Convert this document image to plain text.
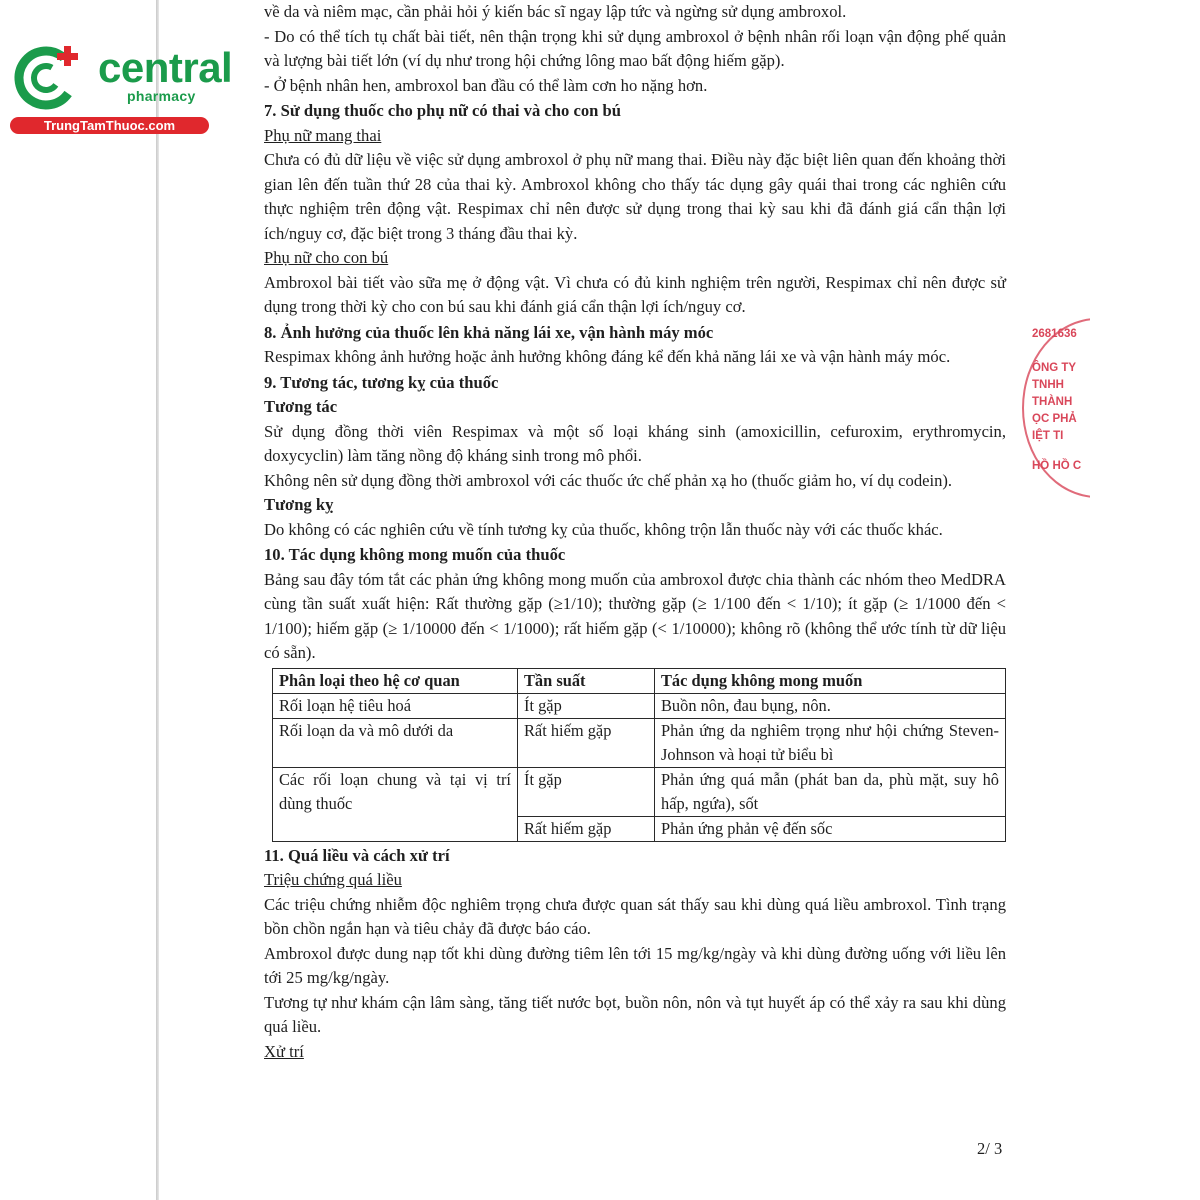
central
pharmacy
TrungTamThuoc.com

về da và niêm mạc, cần phải hỏi ý kiến bác sĩ ngay lập tức và ngừng sử dụng ambroxol.

- Do có thể tích tụ chất bài tiết, nên thận trọng khi sử dụng ambroxol ở bệnh nhân rối loạn vận động phế quản và lượng bài tiết lớn (ví dụ như trong hội chứng lông mao bất động hiếm gặp).

- Ở bệnh nhân hen, ambroxol ban đầu có thể làm cơn ho nặng hơn.

7. Sử dụng thuốc cho phụ nữ có thai và cho con bú

Phụ nữ mang thai

Chưa có đủ dữ liệu về việc sử dụng ambroxol ở phụ nữ mang thai. Điều này đặc biệt liên quan đến khoảng thời gian lên đến tuần thứ 28 của thai kỳ. Ambroxol không cho thấy tác dụng gây quái thai trong các nghiên cứu thực nghiệm trên động vật. Respimax chỉ nên được sử dụng trong thai kỳ sau khi đã đánh giá cẩn thận lợi ích/nguy cơ, đặc biệt trong 3 tháng đầu thai kỳ.

Phụ nữ cho con bú

Ambroxol bài tiết vào sữa mẹ ở động vật. Vì chưa có đủ kinh nghiệm trên người, Respimax chỉ nên được sử dụng trong thời kỳ cho con bú sau khi đánh giá cẩn thận lợi ích/nguy cơ.

8. Ảnh hưởng của thuốc lên khả năng lái xe, vận hành máy móc

Respimax không ảnh hưởng hoặc ảnh hưởng không đáng kể đến khả năng lái xe và vận hành máy móc.

9. Tương tác, tương kỵ của thuốc

Tương tác

Sử dụng đồng thời viên Respimax và một số loại kháng sinh (amoxicillin, cefuroxim, erythromycin, doxycyclin) làm tăng nồng độ kháng sinh trong mô phổi.

Không nên sử dụng đồng thời ambroxol với các thuốc ức chế phản xạ ho (thuốc giảm ho, ví dụ codein).

Tương kỵ

Do không có các nghiên cứu về tính tương kỵ của thuốc, không trộn lẫn thuốc này với các thuốc khác.

10. Tác dụng không mong muốn của thuốc

Bảng sau đây tóm tắt các phản ứng không mong muốn của ambroxol được chia thành các nhóm theo MedDRA cùng tần suất xuất hiện: Rất thường gặp (≥1/10); thường gặp (≥ 1/100 đến < 1/10); ít gặp (≥ 1/1000 đến < 1/100); hiếm gặp (≥ 1/10000 đến < 1/1000); rất hiếm gặp (< 1/10000); không rõ (không thể ước tính từ dữ liệu có sẵn).

Phân loại theo hệ cơ quan	Tần suất	Tác dụng không mong muốn
Rối loạn hệ tiêu hoá	Ít gặp	Buồn nôn, đau bụng, nôn.
Rối loạn da và mô dưới da	Rất hiếm gặp	Phản ứng da nghiêm trọng như hội chứng Steven-Johnson và hoại tử biểu bì
Các rối loạn chung và tại vị trí dùng thuốc	Ít gặp	Phản ứng quá mẫn (phát ban da, phù mặt, suy hô hấp, ngứa), sốt
	Rất hiếm gặp	Phản ứng phản vệ đến sốc

11. Quá liều và cách xử trí

Triệu chứng quá liều

Các triệu chứng nhiễm độc nghiêm trọng chưa được quan sát thấy sau khi dùng quá liều ambroxol. Tình trạng bồn chồn ngắn hạn và tiêu chảy đã được báo cáo.

Ambroxol được dung nạp tốt khi dùng đường tiêm lên tới 15 mg/kg/ngày và khi dùng đường uống với liều lên tới 25 mg/kg/ngày.

Tương tự như khám cận lâm sàng, tăng tiết nước bọt, buồn nôn, nôn và tụt huyết áp có thể xảy ra sau khi dùng quá liều.

Xử trí

2/ 3
2681636
ÔNG TY
TNHH
THÀNH
ỌC PHẢ
IỆT TI
HỒ HỒ C
